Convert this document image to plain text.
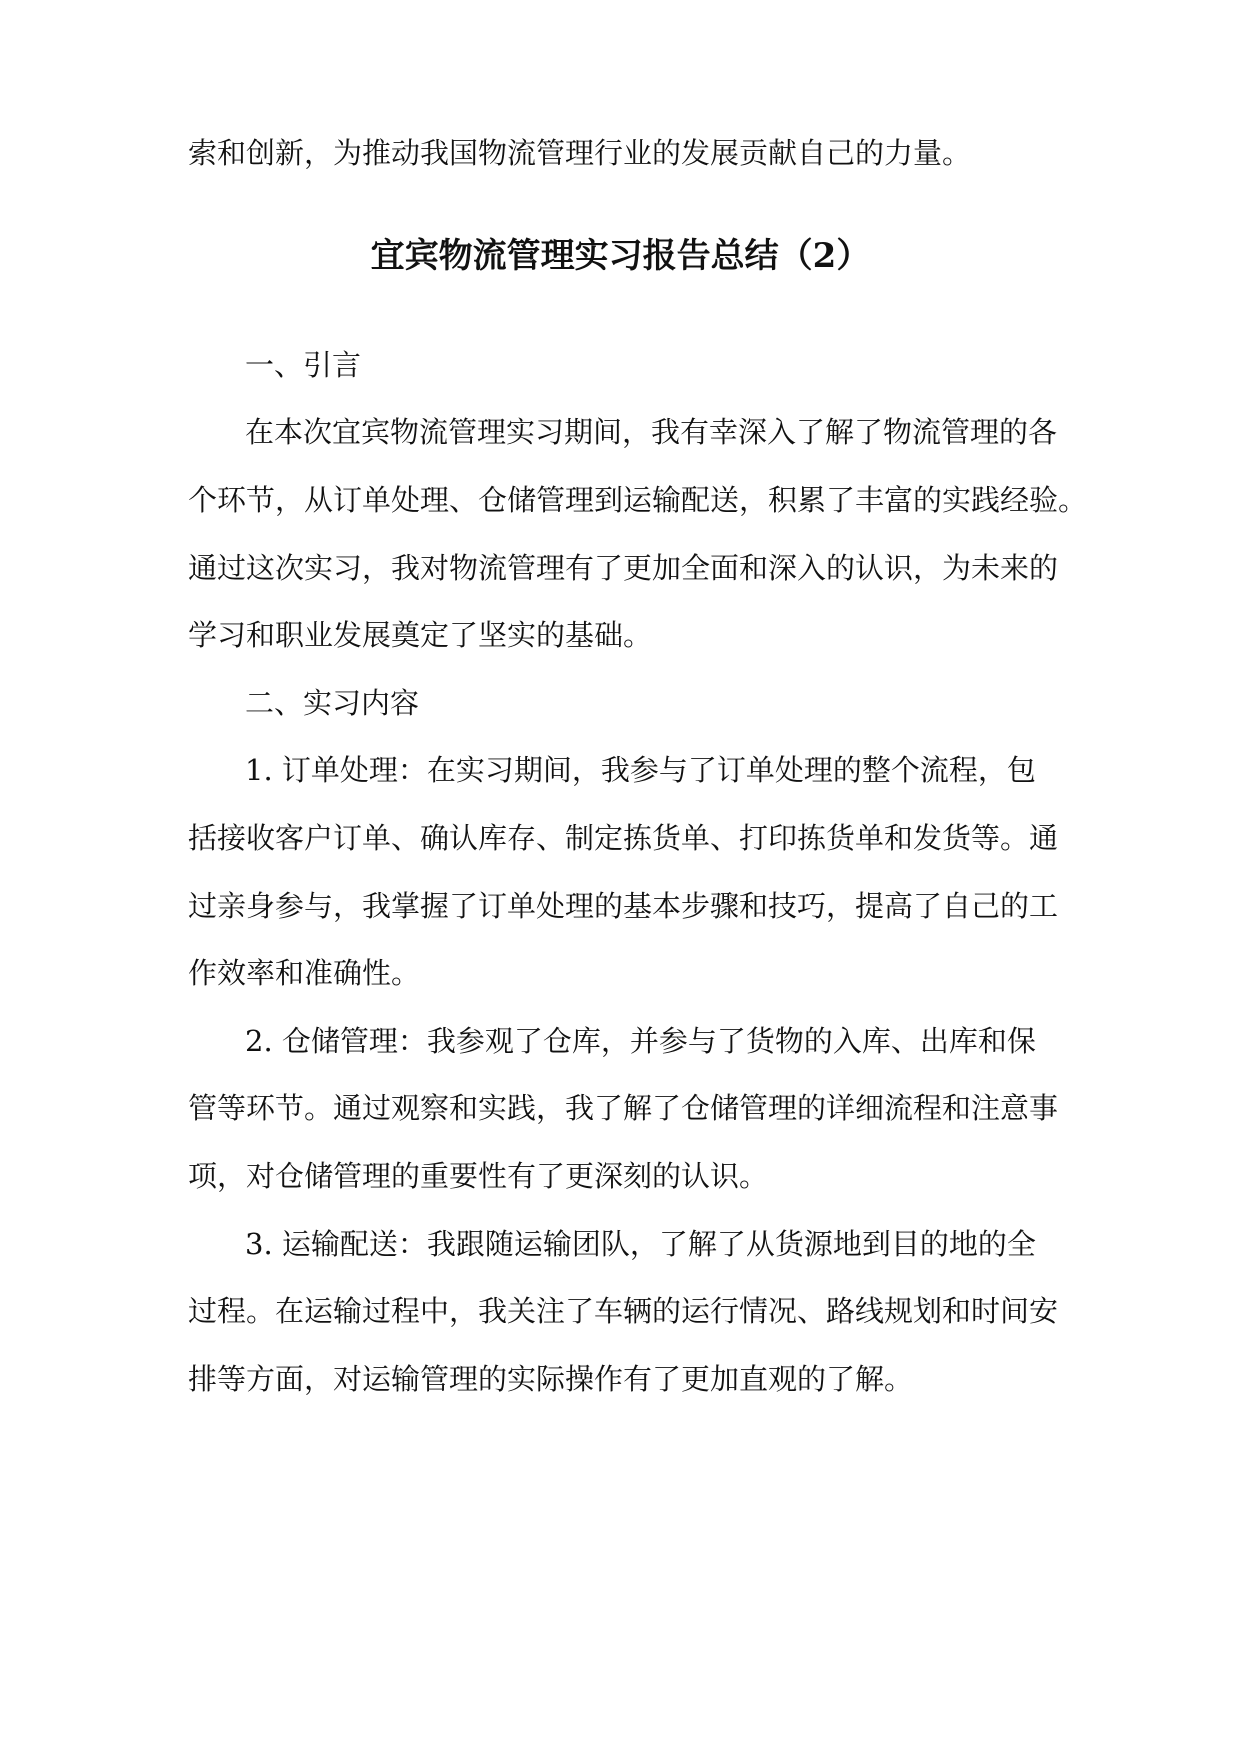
索和创新，为推动我国物流管理行业的发展贡献自己的力量。
宜宾物流管理实习报告总结（2）
一、引言
在本次宜宾物流管理实习期间，我有幸深入了解了物流管理的各
个环节，从订单处理、仓储管理到运输配送，积累了丰富的实践经验。
通过这次实习，我对物流管理有了更加全面和深入的认识，为未来的
学习和职业发展奠定了坚实的基础。
二、实习内容
1. 订单处理：在实习期间，我参与了订单处理的整个流程，包
括接收客户订单、确认库存、制定拣货单、打印拣货单和发货等。通
过亲身参与，我掌握了订单处理的基本步骤和技巧，提高了自己的工
作效率和准确性。
2. 仓储管理：我参观了仓库，并参与了货物的入库、出库和保
管等环节。通过观察和实践，我了解了仓储管理的详细流程和注意事
项，对仓储管理的重要性有了更深刻的认识。
3. 运输配送：我跟随运输团队，了解了从货源地到目的地的全
过程。在运输过程中，我关注了车辆的运行情况、路线规划和时间安
排等方面，对运输管理的实际操作有了更加直观的了解。
